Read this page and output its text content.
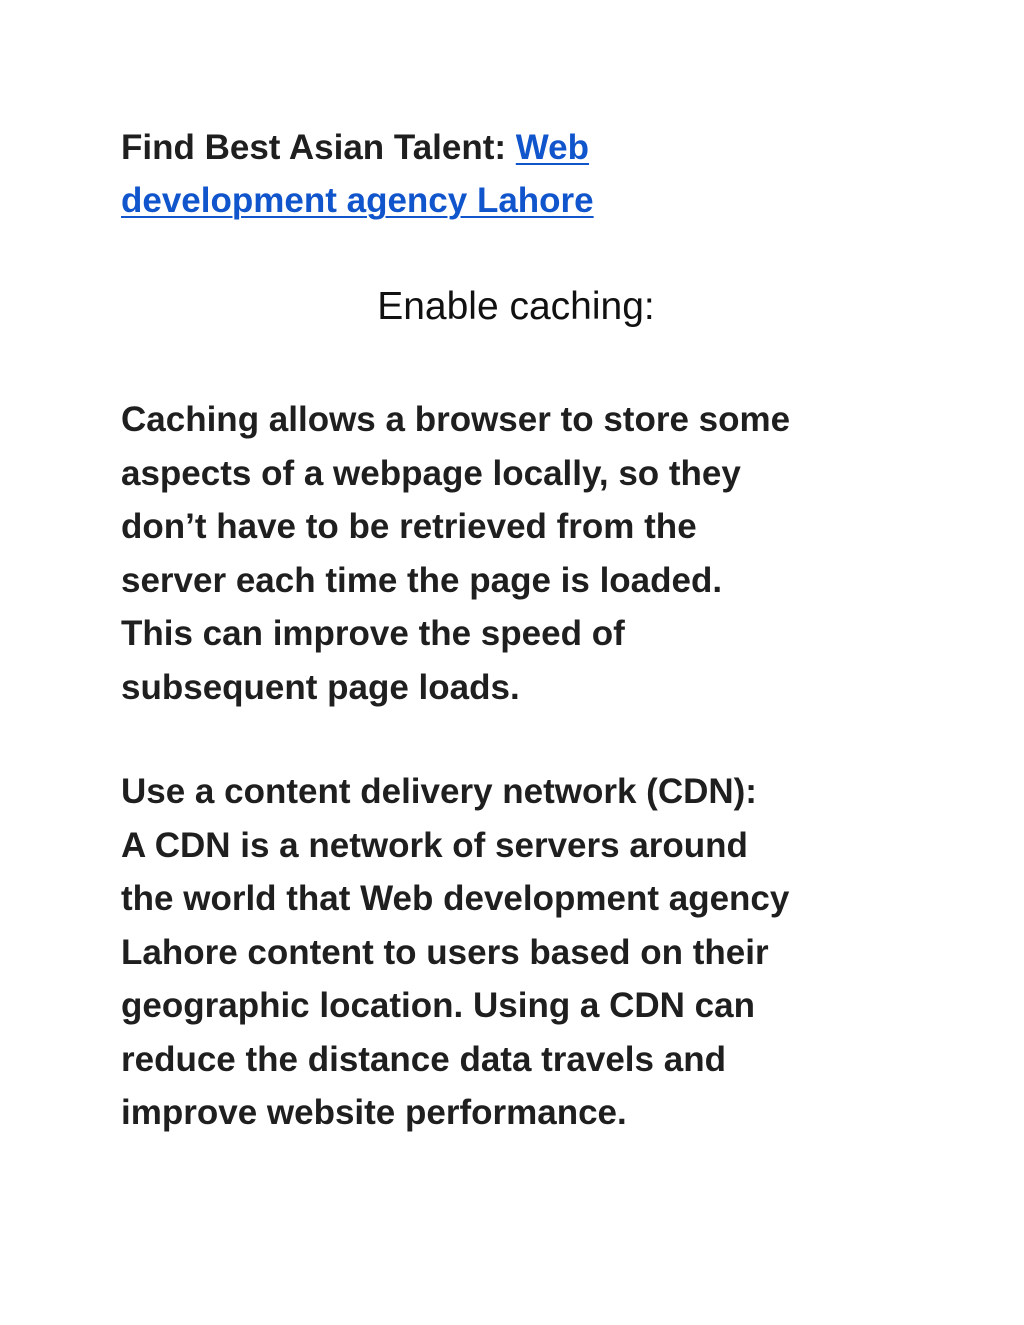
Find Best Asian Talent: Web development agency Lahore

Enable caching:

Caching allows a browser to store some
aspects of a webpage locally, so they
don’t have to be retrieved from the
server each time the page is loaded.
This can improve the speed of
subsequent page loads.

Use a content delivery network (CDN):
A CDN is a network of servers around
the world that Web development agency
Lahore content to users based on their
geographic location. Using a CDN can
reduce the distance data travels and
improve website performance.
